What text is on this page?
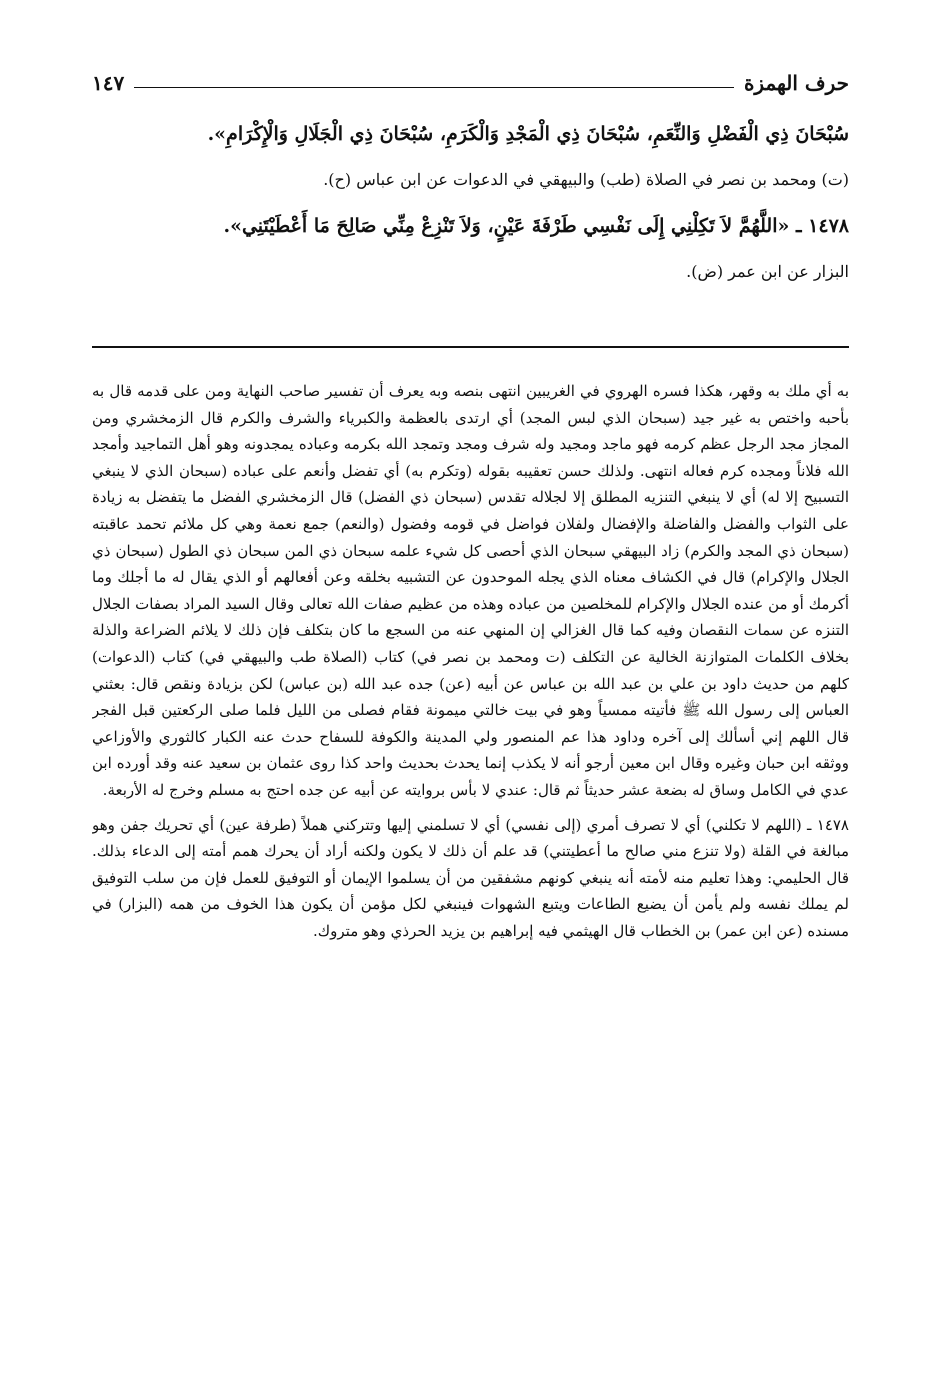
حرف الهمزة
١٤٧

سُبْحَانَ ذِي الْفَضْلِ وَالنِّعَمِ، سُبْحَانَ ذِي الْمَجْدِ وَالْكَرَمِ، سُبْحَانَ ذِي الْجَلَالِ وَالْإِكْرَامِ».

(ت) ومحمد بن نصر في الصلاة (طب) والبيهقي في الدعوات عن ابن عباس (ح).

١٤٧٨ ـ «اللَّهُمَّ لاَ تَكِلْنِي إِلَى نَفْسِي طَرْفَةَ عَيْنٍ، وَلاَ تَنْزِعْ مِنِّي صَالِحَ مَا أَعْطَيْتَنِي».

البزار عن ابن عمر (ض).

به أي ملك به وقهر، هكذا فسره الهروي في الغريبين انتهى بنصه وبه يعرف أن تفسير صاحب النهاية ومن على قدمه قال به بأحبه واختص به غير جيد (سبحان الذي لبس المجد) أي ارتدى بالعظمة والكبرياء والشرف والكرم قال الزمخشري ومن المجاز مجد الرجل عظم كرمه فهو ماجد ومجيد وله شرف ومجد وتمجد الله بكرمه وعباده يمجدونه وهو أهل التماجيد وأمجد الله فلاناً ومجده كرم فعاله انتهى. ولذلك حسن تعقيبه بقوله (وتكرم به) أي تفضل وأنعم على عباده (سبحان الذي لا ينبغي التسبيح إلا له) أي لا ينبغي التنزيه المطلق إلا لجلاله تقدس (سبحان ذي الفضل) قال الزمخشري الفضل ما يتفضل به زيادة على الثواب والفضل والفاضلة والإفضال ولفلان فواضل في قومه وفضول (والنعم) جمع نعمة وهي كل ملائم تحمد عاقبته (سبحان ذي المجد والكرم) زاد البيهقي سبحان الذي أحصى كل شيء علمه سبحان ذي المن سبحان ذي الطول (سبحان ذي الجلال والإكرام) قال في الكشاف معناه الذي يجله الموحدون عن التشبيه بخلقه وعن أفعالهم أو الذي يقال له ما أجلك وما أكرمك أو من عنده الجلال والإكرام للمخلصين من عباده وهذه من عظيم صفات الله تعالى وقال السيد المراد بصفات الجلال التنزه عن سمات النقصان وفيه كما قال الغزالي إن المنهي عنه من السجع ما كان بتكلف فإن ذلك لا يلائم الضراعة والذلة بخلاف الكلمات المتوازنة الخالية عن التكلف (ت ومحمد بن نصر في) كتاب (الصلاة طب والبيهقي في) كتاب (الدعوات) كلهم من حديث داود بن علي بن عبد الله بن عباس عن أبيه (عن) جده عبد الله (بن عباس) لكن بزيادة ونقص قال: بعثني العباس إلى رسول الله ﷺ فأتيته ممسياً وهو في بيت خالتي ميمونة فقام فصلى من الليل فلما صلى الركعتين قبل الفجر قال اللهم إني أسألك إلى آخره وداود هذا عم المنصور ولي المدينة والكوفة للسفاح حدث عنه الكبار كالثوري والأوزاعي ووثقه ابن حبان وغيره وقال ابن معين أرجو أنه لا يكذب إنما يحدث بحديث واحد كذا روى عثمان بن سعيد عنه وقد أورده ابن عدي في الكامل وساق له بضعة عشر حديثاً ثم قال: عندي لا بأس بروايته عن أبيه عن جده احتج به مسلم وخرج له الأربعة.

١٤٧٨ ـ (اللهم لا تكلني) أي لا تصرف أمري (إلى نفسي) أي لا تسلمني إليها وتتركني هملاً (طرفة عين) أي تحريك جفن وهو مبالغة في القلة (ولا تنزع مني صالح ما أعطيتني) قد علم أن ذلك لا يكون ولكنه أراد أن يحرك همم أمته إلى الدعاء بذلك. قال الحليمي: وهذا تعليم منه لأمته أنه ينبغي كونهم مشفقين من أن يسلموا الإيمان أو التوفيق للعمل فإن من سلب التوفيق لم يملك نفسه ولم يأمن أن يضيع الطاعات ويتبع الشهوات فينبغي لكل مؤمن أن يكون هذا الخوف من همه (البزار) في مسنده (عن ابن عمر) بن الخطاب قال الهيثمي فيه إبراهيم بن يزيد الحرذي وهو متروك.
